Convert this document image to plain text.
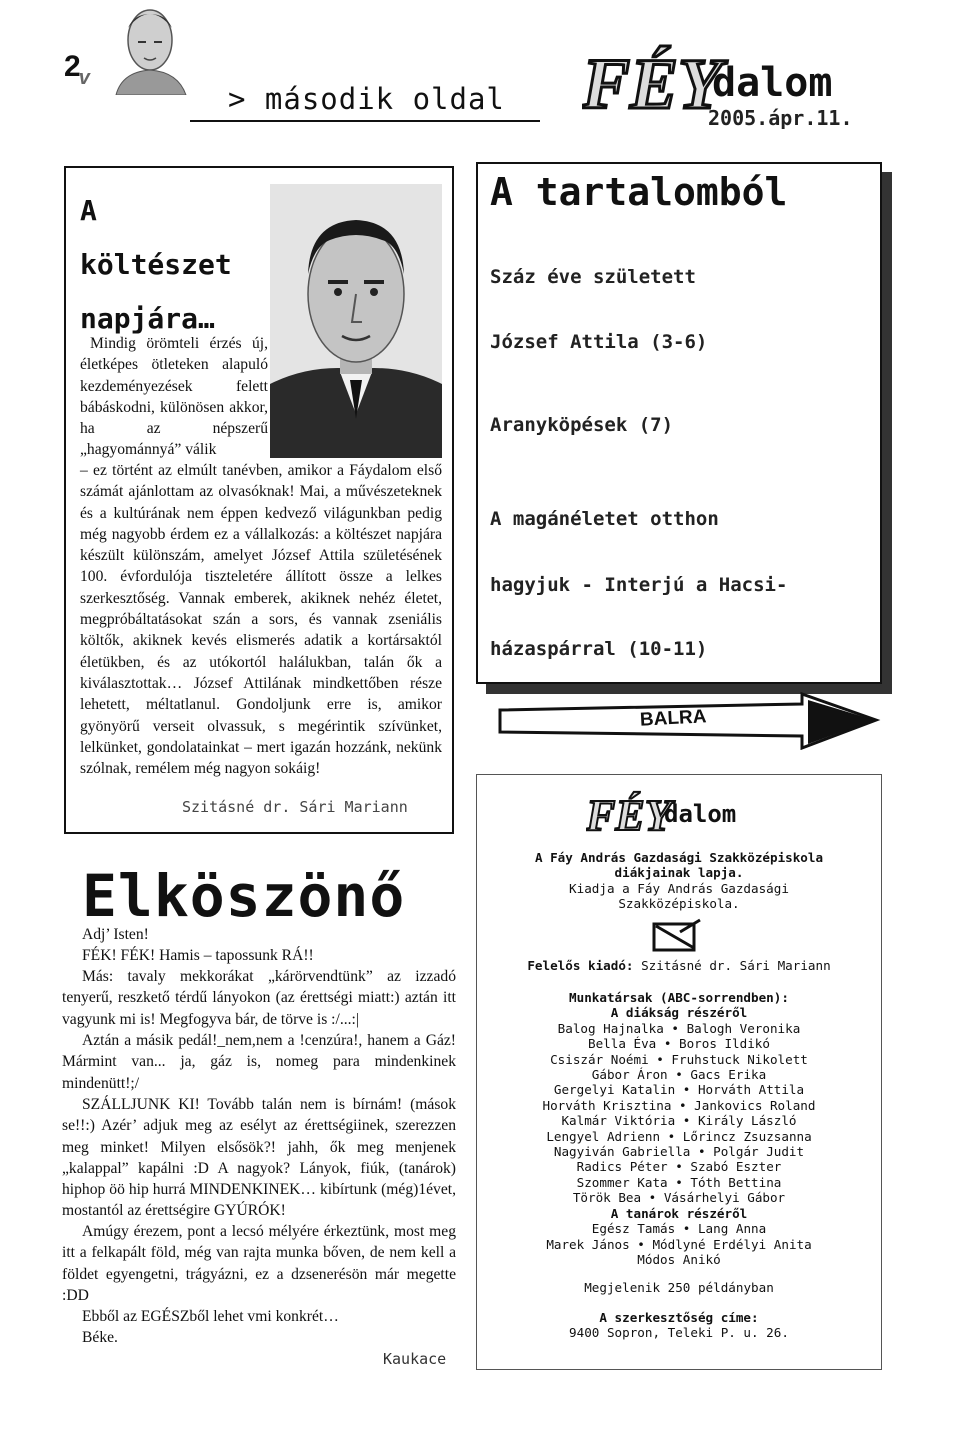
$2_v$
> második oldal FÉY
dalom
2005.ápr.11.
A
költészet
napjára…
Mindig örömteli érzés új, életképes ötleteken alapuló kezdeményezések felett bábáskodni, különösen akkor, ha az népszerű „hagyománnyá” válik
– ez történt az elmúlt tanévben, amikor a Fáydalom első számát ajánlottam az olvasóknak! Mai, a művészeteknek és a kultúrának nem éppen kedvező világunkban pedig még nagyobb érdem ez a vállalkozás: a költészet napjára készült különszám, amelyet József Attila születésének 100. évfordulója tiszteletére állított össze a lelkes szerkesztőség. Vannak emberek, akiknek nehéz életet, megpróbáltatásokat szán a sors, és vannak zseniális költők, akiknek kevés elismerés adatik a kortársaktól életükben, és az utókortól halálukban, talán ők a kiválasztottak… József Attilának mindkettőben része lehetett, méltatlanul. Gondoljunk erre is, amikor gyönyörű verseit olvassuk, s megérintik szívünket, lelkünket, gondolatainkat – mert igazán hozzánk, nekünk szólnak, remélem még nagyon sokáig!
Szitásné dr. Sári Mariann
A tartalomból
Száz éve született
József Attila (3-6)
Aranyköpések (7)
A magánéletet otthon
hagyjuk - Interjú a Hacsi-
házaspárral (10-11)
BALRA
FÉY
dalom
A Fáy András Gazdasági Szakközépiskola
diákjainak lapja.
Kiadja a Fáy András Gazdasági
Szakközépiskola.
Felelős kiadó: Szitásné dr. Sári Mariann
Munkatársak (ABC-sorrendben):
A diákság részéről
Balog Hajnalka • Balogh Veronika
Bella Éva • Boros Ildikó
Csiszár Noémi • Fruhstuck Nikolett
Gábor Áron • Gacs Erika
Gergelyi Katalin • Horváth Attila
Horváth Krisztina • Jankovics Roland
Kalmár Viktória • Király László
Lengyel Adrienn • Lőrincz Zsuzsanna
Nagyiván Gabriella • Polgár Judit
Radics Péter • Szabó Eszter
Szommer Kata • Tóth Bettina
Török Bea • Vásárhelyi Gábor
A tanárok részéről
Egész Tamás • Lang Anna
Marek János • Módlyné Erdélyi Anita
Módos Anikó
Megjelenik 250 példányban
A szerkesztőség címe:
9400 Sopron, Teleki P. u. 26.
Elköszönő
Adj’ Isten!
FÉK! FÉK! Hamis – tapossunk RÁ!!
Más: tavaly mekkorákat „kárörvendtünk” az izzadó tenyerű, reszkető térdű lányokon (az érettségi miatt:) aztán itt vagyunk mi is! Megfogyva bár, de törve is :/...:|
Aztán a másik pedál!_nem,nem a !cenzúra!, hanem a Gáz! Mármint van... ja, gáz is, nomeg para mindenkinek mindenütt!;/
SZÁLLJUNK KI! Tovább talán nem is bírnám! (mások se!!:) Azér’ adjuk meg az esélyt az érettségiinek, szerezzen meg minket! Milyen elsősök?! jahh, ők meg menjenek „kalappal” kapálni :D A nagyok? Lányok, fiúk, (tanárok) hiphop öö hip hurrá MINDENKINEK… kibírtunk (még)1évet, mostantól az érettségire GYÚRÓK!
Amúgy érezem, pont a lecsó mélyére érkeztünk, most meg itt a felkapált föld, még van rajta munka bőven, de nem kell a földet egyengetni, trágyázni, ez a dzsenerésön már megette :DD
Ebből az EGÉSZből lehet vmi konkrét…
Béke.
Kaukace
